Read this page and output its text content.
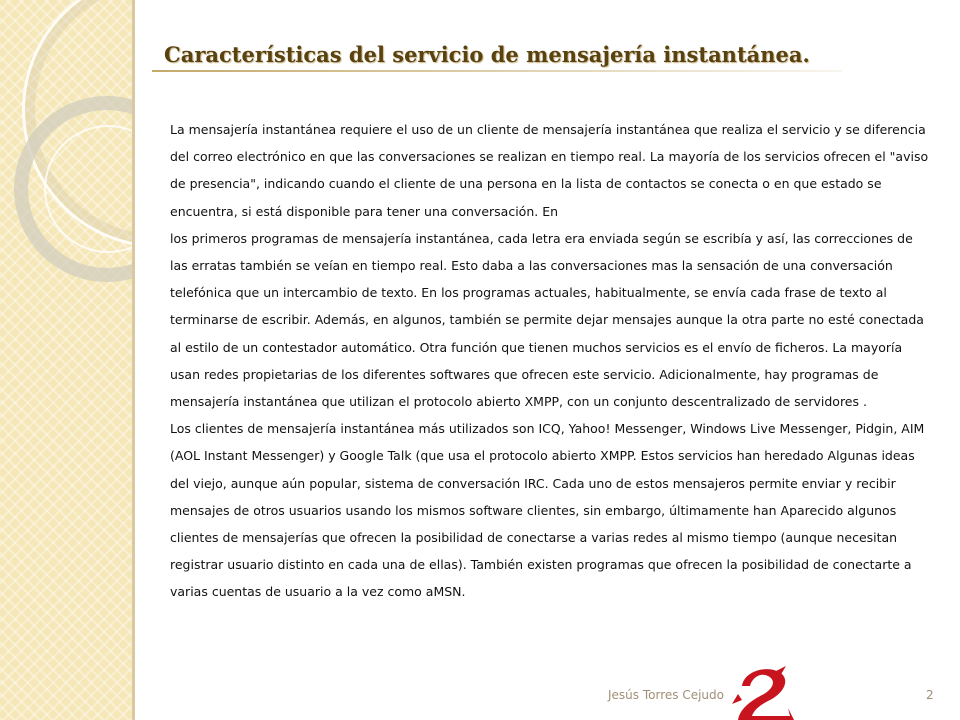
Características del servicio de mensajería instantánea.

La mensajería instantánea requiere el uso de un cliente de mensajería instantánea que realiza el servicio y se diferencia del correo electrónico en que las conversaciones se realizan en tiempo real. La mayoría de los servicios ofrecen el "aviso de presencia", indicando cuando el cliente de una persona en la lista de contactos se conecta o en que estado se encuentra, si está disponible para tener una conversación. En

los primeros programas de mensajería instantánea, cada letra era enviada según se escribía y así, las correcciones de las erratas también se veían en tiempo real. Esto daba a las conversaciones mas la sensación de una conversación telefónica que un intercambio de texto. En los programas actuales, habitualmente, se envía cada frase de texto al terminarse de escribir. Además, en algunos, también se permite dejar mensajes aunque la otra parte no esté conectada al estilo de un contestador automático. Otra función que tienen muchos servicios es el envío de ficheros. La mayoría usan redes propietarias de los diferentes softwares que ofrecen este servicio. Adicionalmente, hay programas de mensajería instantánea que utilizan el protocolo abierto XMPP, con un conjunto descentralizado de servidores .

Los clientes de mensajería instantánea más utilizados son ICQ, Yahoo! Messenger, Windows Live Messenger, Pidgin, AIM (AOL Instant Messenger) y Google Talk (que usa el protocolo abierto XMPP. Estos servicios han heredado Algunas ideas del viejo, aunque aún popular, sistema de conversación IRC. Cada uno de estos mensajeros permite enviar y recibir mensajes de otros usuarios usando los mismos software clientes, sin embargo, últimamente han Aparecido algunos clientes de mensajerías que ofrecen la posibilidad de conectarse a varias redes al mismo tiempo (aunque necesitan registrar usuario distinto en cada una de ellas). También existen programas que ofrecen la posibilidad de conectarte a varias cuentas de usuario a la vez como aMSN.

Jesús Torres Cejudo	2
